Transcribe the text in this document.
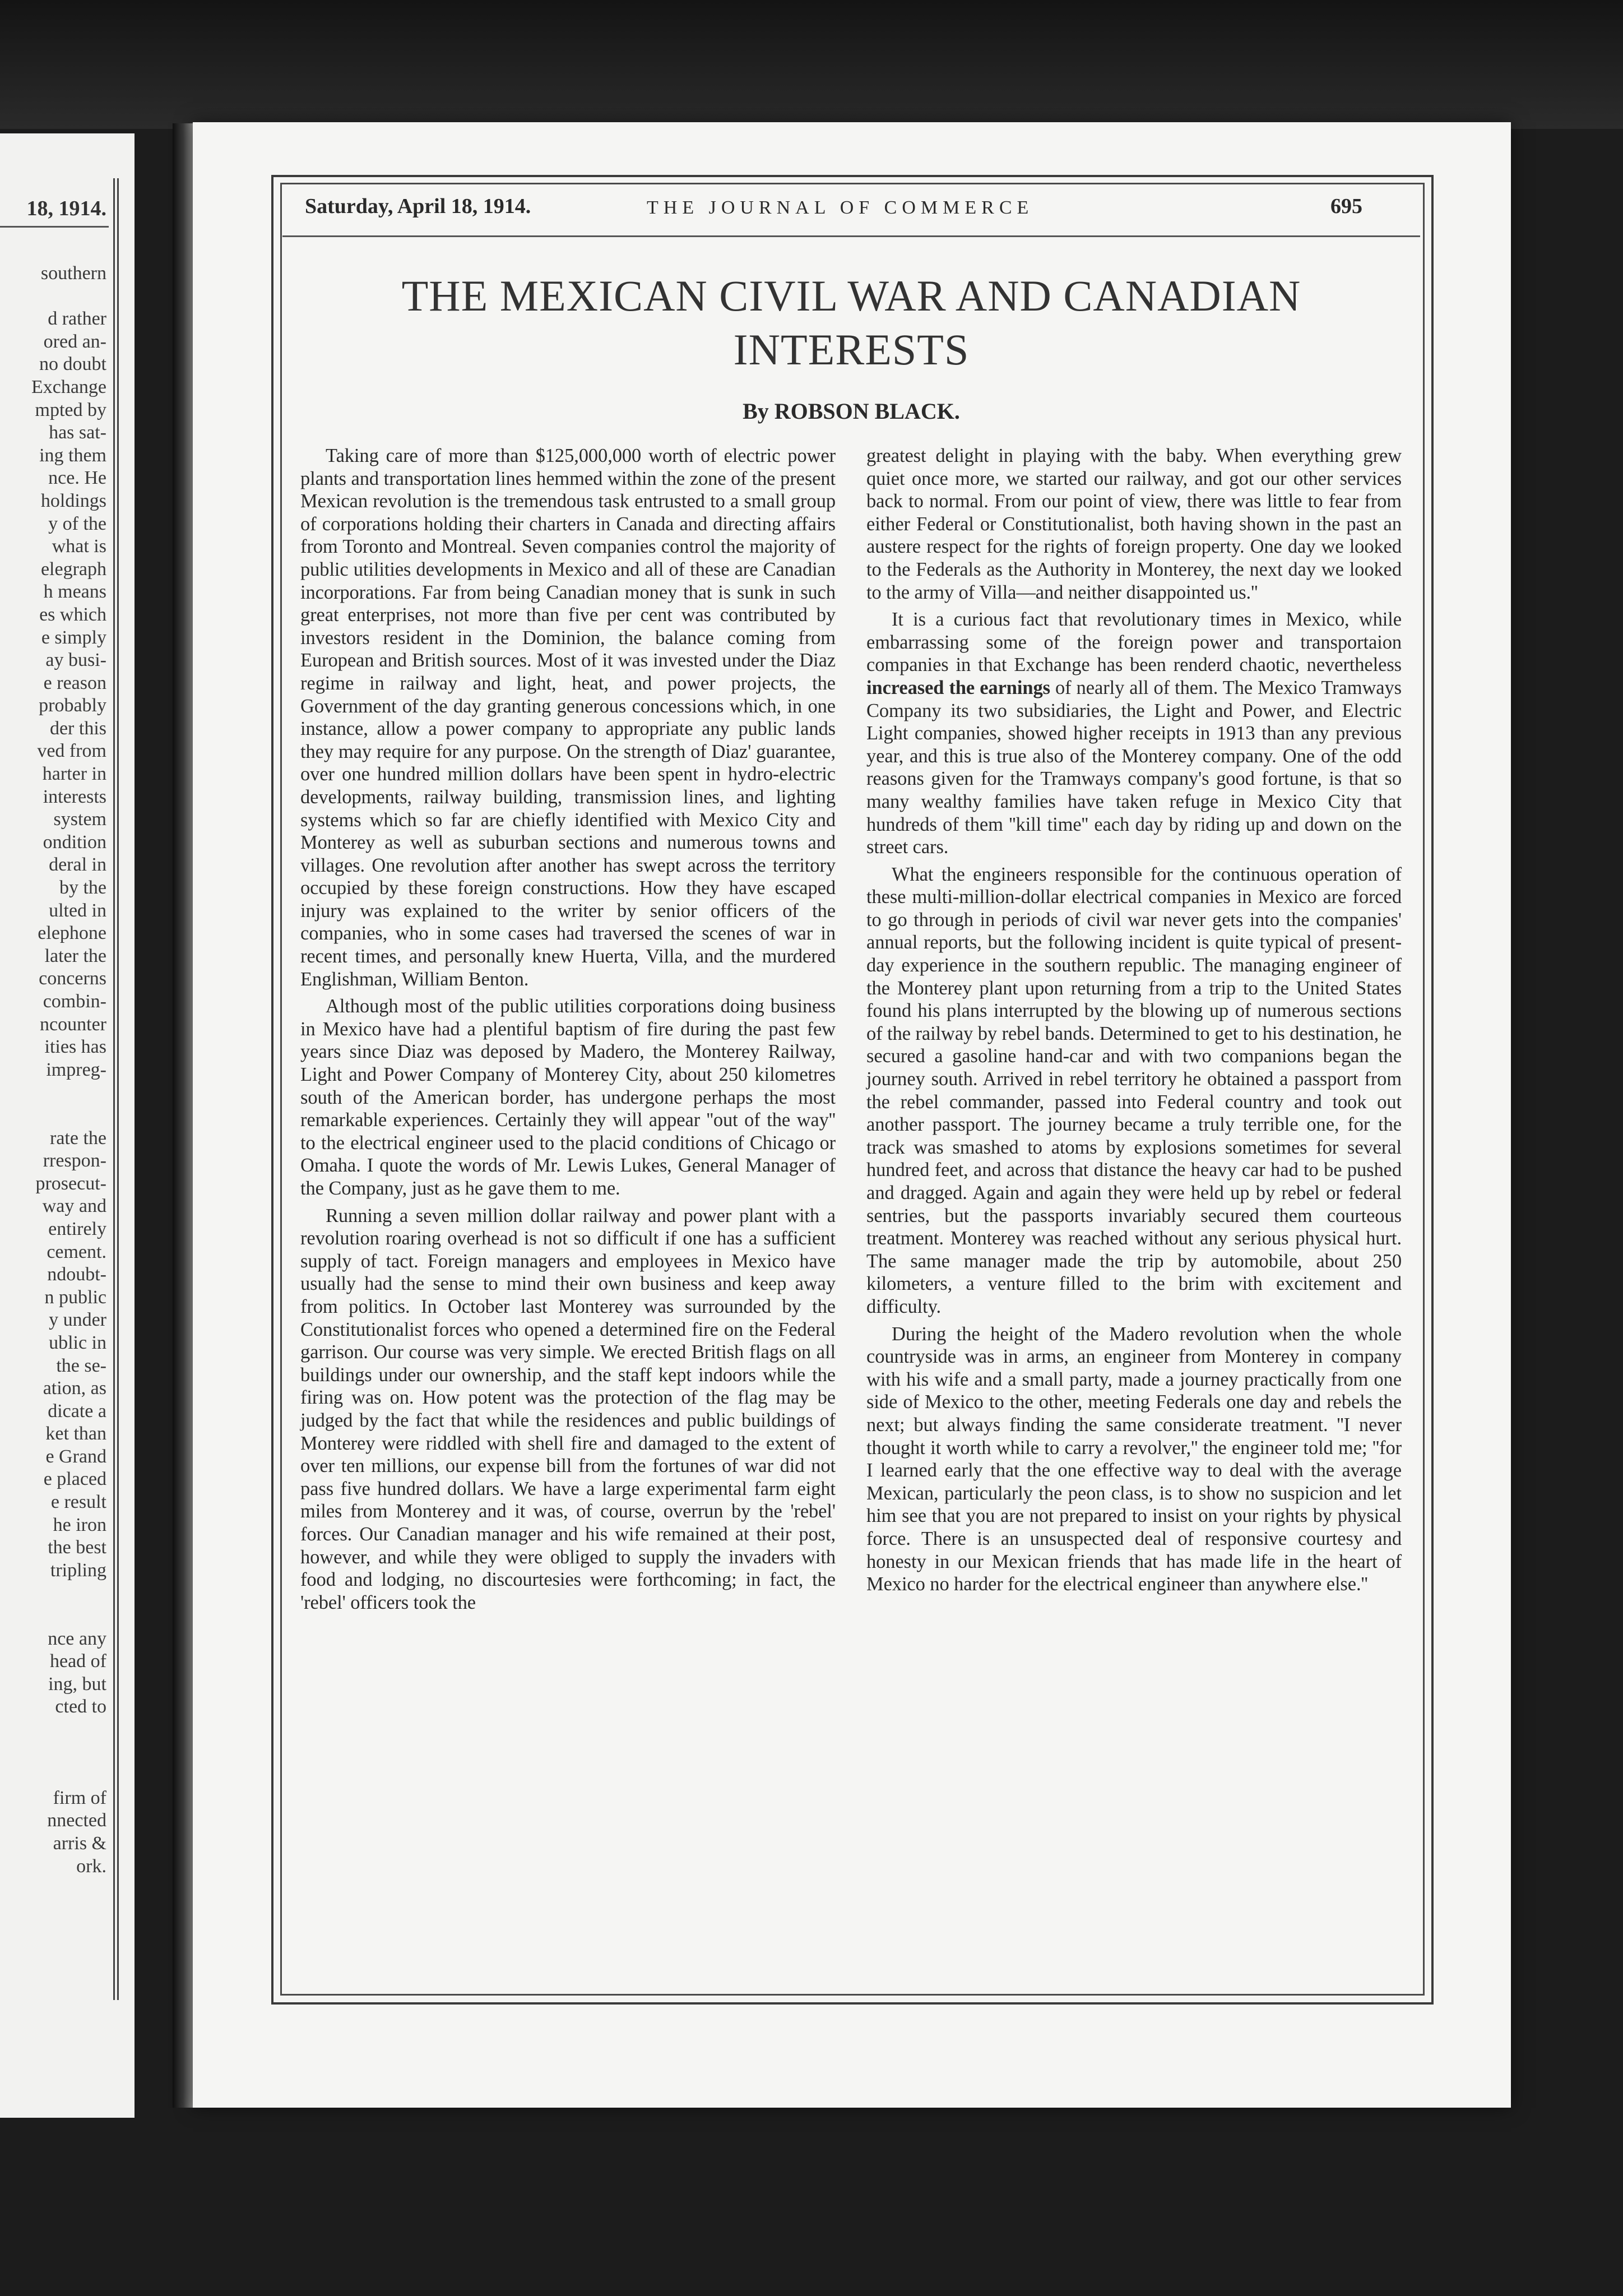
18, 1914.
southern
d rather
ored an-
no doubt
Exchange
mpted by
has sat-
ing them
nce. He
holdings
y of the
what is
elegraph
h means
es which
e simply
ay busi-
e reason
probably
der this
ved from
harter in
interests
system
ondition
deral in
by the
ulted in
elephone
later the
concerns
combin-
ncounter
ities has
impreg-
rate the
rrespon-
prosecut-
way and
entirely
cement.
ndoubt-
n public
y under
ublic in
the se-
ation, as
dicate a
ket than
e Grand
e placed
e result
he iron
the best
tripling
nce any
head of
ing, but
cted to
firm of
nnected
arris &
ork.
Saturday, April 18, 1914.	THE JOURNAL OF COMMERCE	695
THE MEXICAN CIVIL WAR AND CANADIAN INTERESTS
By ROBSON BLACK.

Taking care of more than $125,000,000 worth of electric power plants and transportation lines hemmed within the zone of the present Mexican revolution is the tremendous task entrusted to a small group of corporations holding their charters in Canada and directing affairs from Toronto and Montreal. Seven companies control the majority of public utilities developments in Mexico and all of these are Canadian incorporations. Far from being Canadian money that is sunk in such great enterprises, not more than five per cent was contributed by investors resident in the Dominion, the balance coming from European and British sources. Most of it was invested under the Diaz regime in railway and light, heat, and power projects, the Government of the day granting generous concessions which, in one instance, allow a power company to appropriate any public lands they may require for any purpose. On the strength of Diaz' guarantee, over one hundred million dollars have been spent in hydro-electric developments, railway building, transmission lines, and lighting systems which so far are chiefly identified with Mexico City and Monterey as well as suburban sections and numerous towns and villages. One revolution after another has swept across the territory occupied by these foreign constructions. How they have escaped injury was explained to the writer by senior officers of the companies, who in some cases had traversed the scenes of war in recent times, and personally knew Huerta, Villa, and the murdered Englishman, William Benton.

Although most of the public utilities corporations doing business in Mexico have had a plentiful baptism of fire during the past few years since Diaz was deposed by Madero, the Monterey Railway, Light and Power Company of Monterey City, about 250 kilometres south of the American border, has undergone perhaps the most remarkable experiences. Certainly they will appear ''out of the way'' to the electrical engineer used to the placid conditions of Chicago or Omaha. I quote the words of Mr. Lewis Lukes, General Manager of the Company, just as he gave them to me.

Running a seven million dollar railway and power plant with a revolution roaring overhead is not so difficult if one has a sufficient supply of tact. Foreign managers and employees in Mexico have usually had the sense to mind their own business and keep away from politics. In October last Monterey was surrounded by the Constitutionalist forces who opened a determined fire on the Federal garrison. Our course was very simple. We erected British flags on all buildings under our ownership, and the staff kept indoors while the firing was on. How potent was the protection of the flag may be judged by the fact that while the residences and public buildings of Monterey were riddled with shell fire and damaged to the extent of over ten millions, our expense bill from the fortunes of war did not pass five hundred dollars. We have a large experimental farm eight miles from Monterey and it was, of course, overrun by the 'rebel' forces. Our Canadian manager and his wife remained at their post, however, and while they were obliged to supply the invaders with food and lodging, no discourtesies were forthcoming; in fact, the 'rebel' officers took the

greatest delight in playing with the baby. When everything grew quiet once more, we started our railway, and got our other services back to normal. From our point of view, there was little to fear from either Federal or Constitutionalist, both having shown in the past an austere respect for the rights of foreign property. One day we looked to the Federals as the Authority in Monterey, the next day we looked to the army of Villa—and neither disappointed us.''

It is a curious fact that revolutionary times in Mexico, while embarrassing some of the foreign power and transportaion companies in that Exchange has been renderd chaotic, nevertheless increased the earnings of nearly all of them. The Mexico Tramways Company its two subsidiaries, the Light and Power, and Electric Light companies, showed higher receipts in 1913 than any previous year, and this is true also of the Monterey company. One of the odd reasons given for the Tramways company's good fortune, is that so many wealthy families have taken refuge in Mexico City that hundreds of them ''kill time'' each day by riding up and down on the street cars.

What the engineers responsible for the continuous operation of these multi-million-dollar electrical companies in Mexico are forced to go through in periods of civil war never gets into the companies' annual reports, but the following incident is quite typical of present-day experience in the southern republic. The managing engineer of the Monterey plant upon returning from a trip to the United States found his plans interrupted by the blowing up of numerous sections of the railway by rebel bands. Determined to get to his destination, he secured a gasoline hand-car and with two companions began the journey south. Arrived in rebel territory he obtained a passport from the rebel commander, passed into Federal country and took out another passport. The journey became a truly terrible one, for the track was smashed to atoms by explosions sometimes for several hundred feet, and across that distance the heavy car had to be pushed and dragged. Again and again they were held up by rebel or federal sentries, but the passports invariably secured them courteous treatment. Monterey was reached without any serious physical hurt. The same manager made the trip by automobile, about 250 kilometers, a venture filled to the brim with excitement and difficulty.

During the height of the Madero revolution when the whole countryside was in arms, an engineer from Monterey in company with his wife and a small party, made a journey practically from one side of Mexico to the other, meeting Federals one day and rebels the next; but always finding the same considerate treatment. ''I never thought it worth while to carry a revolver,'' the engineer told me; ''for I learned early that the one effective way to deal with the average Mexican, particularly the peon class, is to show no suspicion and let him see that you are not prepared to insist on your rights by physical force. There is an unsuspected deal of responsive courtesy and honesty in our Mexican friends that has made life in the heart of Mexico no harder for the electrical engineer than anywhere else.''
